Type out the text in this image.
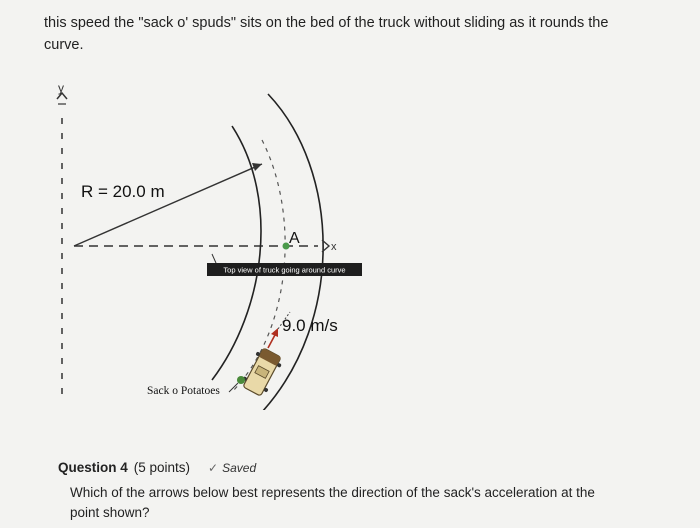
this speed the "sack o' spuds" sits on the bed of the truck without sliding as it rounds the curve.
y
A	x
Top view of truck going around curve
R = 20.0 m
9.0 m/s
Sack o Potatoes
Question 4 (5 points) ✓ Saved
Which of the arrows below best represents the direction of the sack's acceleration at the point shown?
